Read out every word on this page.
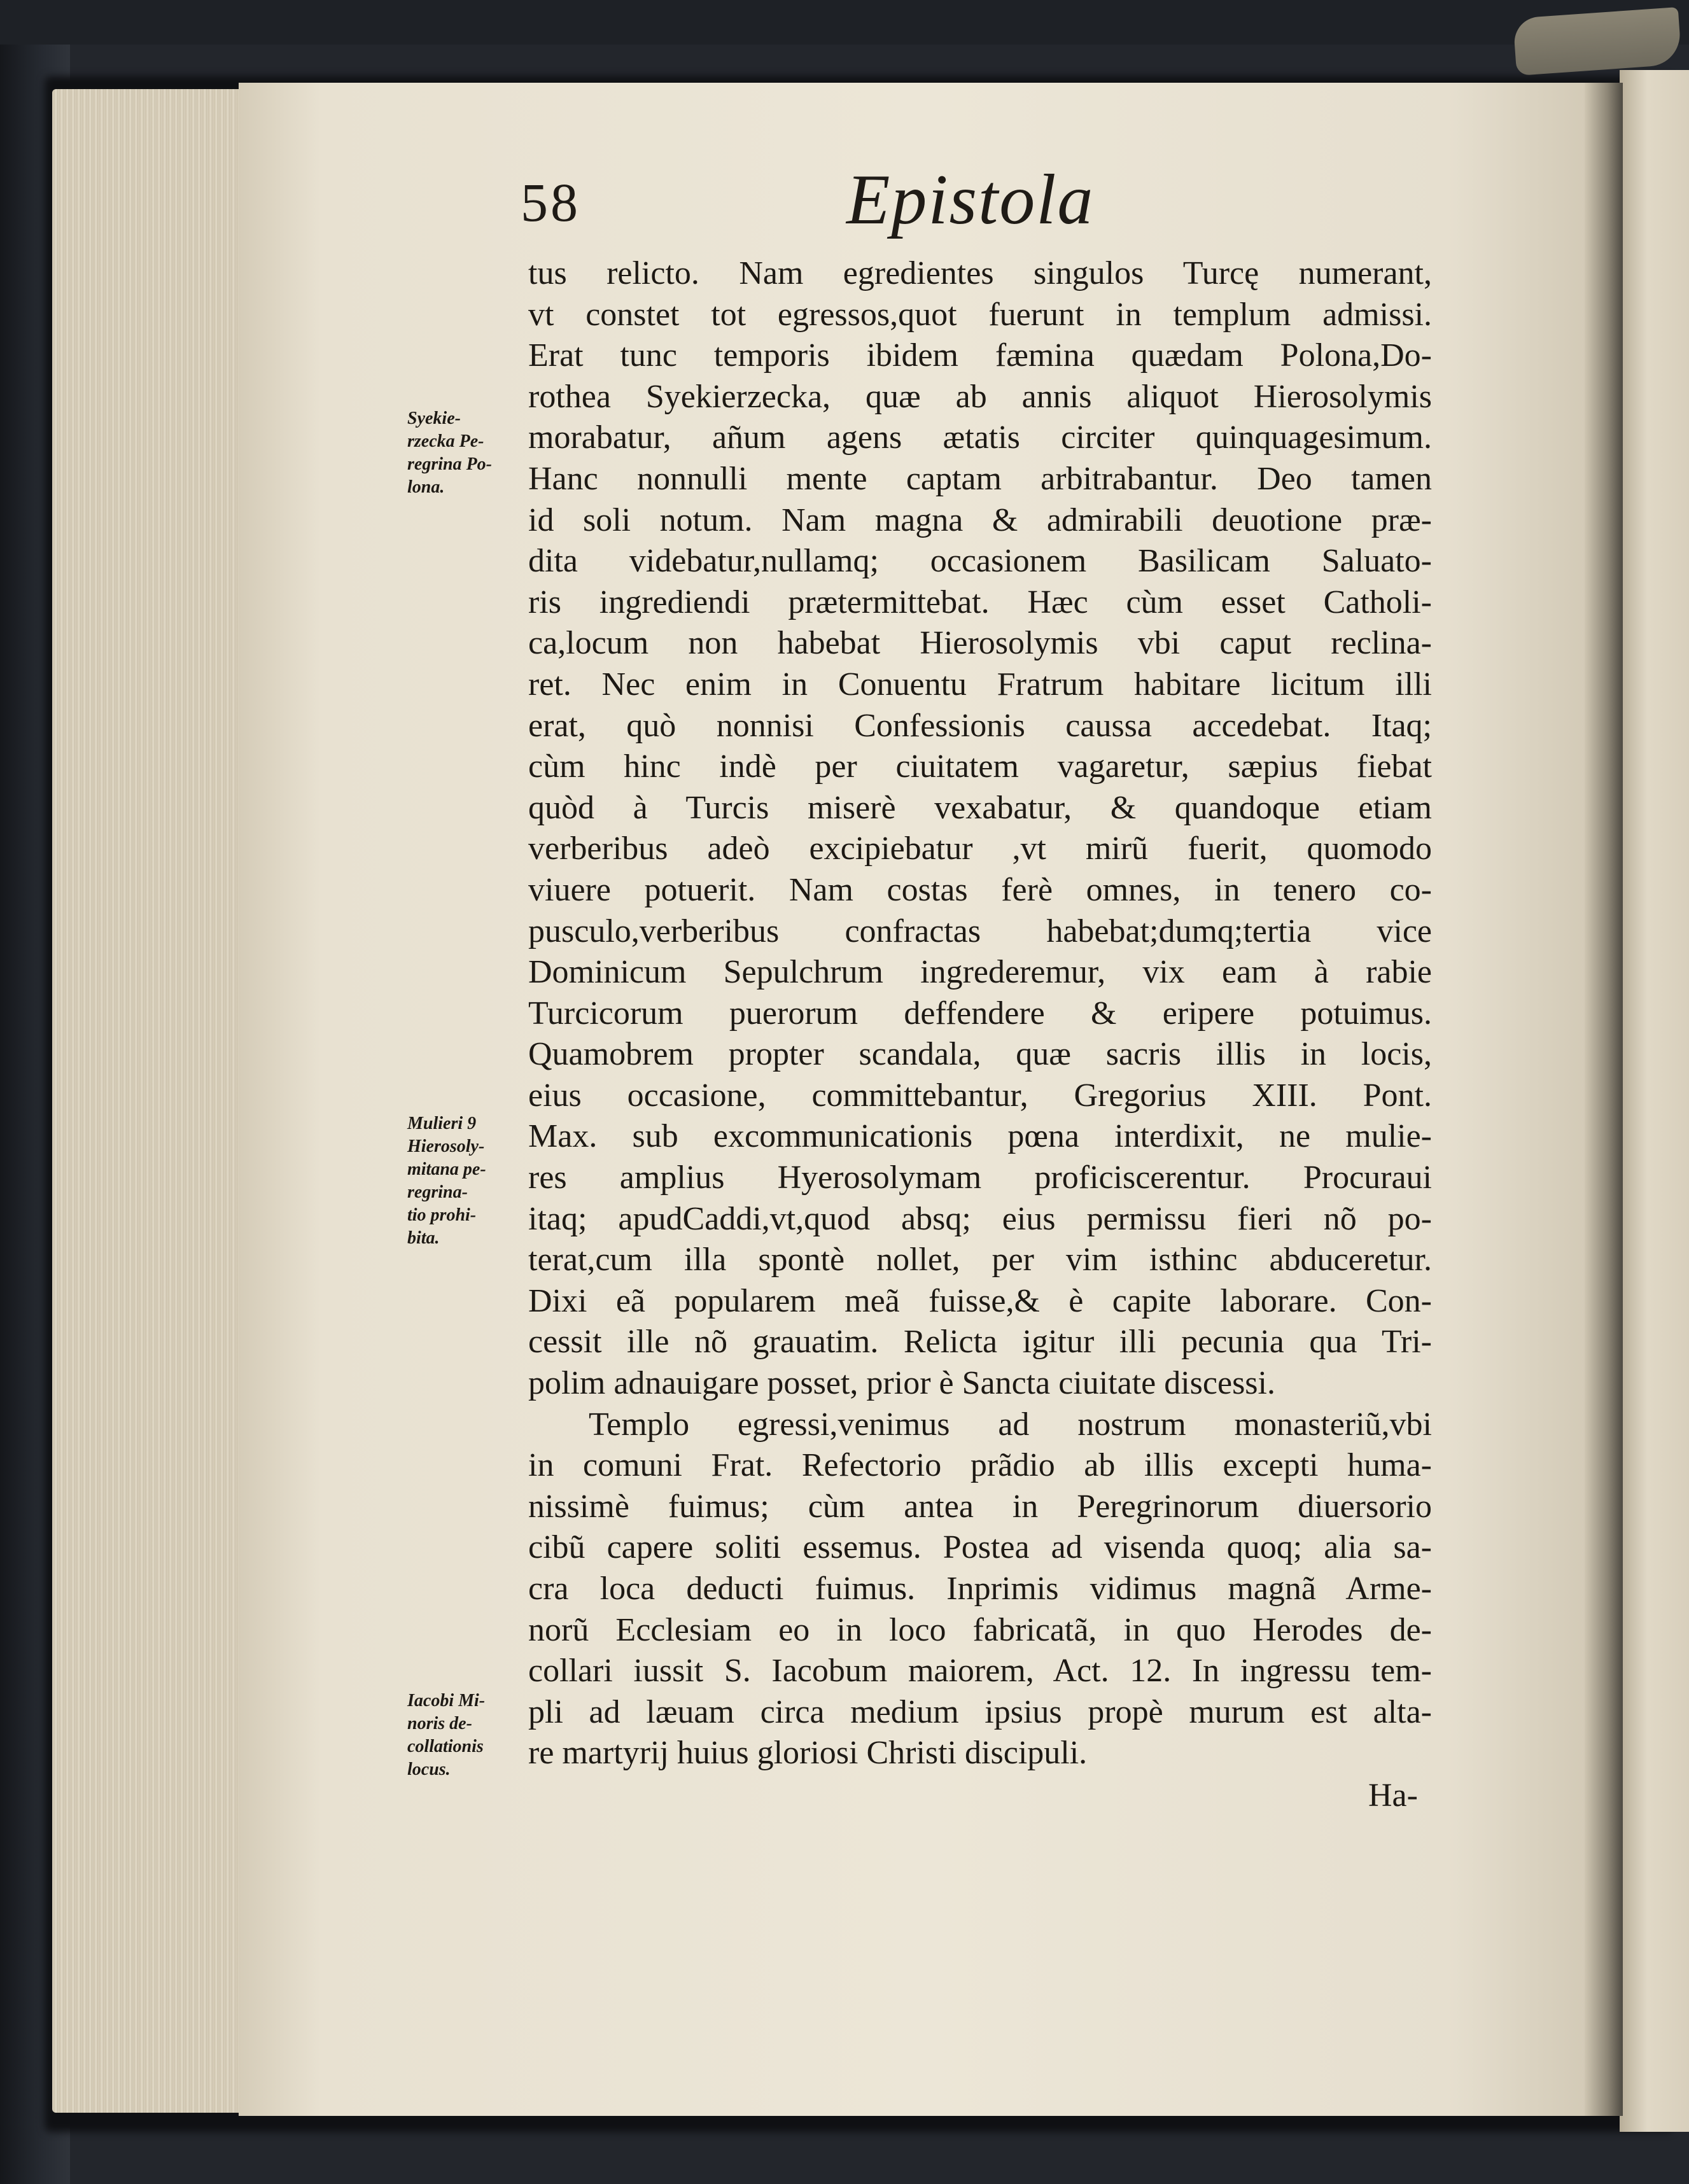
58	Epistola
tus relicto. Nam egredientes singulos Turcę numerant,
vt constet tot egressos,quot fuerunt in templum admissi.
Erat tunc temporis ibidem fæmina quædam Polona,Do-
rothea Syekierzecka, quæ ab annis aliquot Hierosolymis
morabatur, añum agens ætatis circiter quinquagesimum.
Hanc nonnulli mente captam arbitrabantur. Deo tamen
id soli notum. Nam magna & admirabili deuotione præ-
dita videbatur,nullamq; occasionem Basilicam Saluato-
ris ingrediendi prætermittebat. Hæc cùm esset Catholi-
ca,locum non habebat Hierosolymis vbi caput reclina-
ret. Nec enim in Conuentu Fratrum habitare licitum illi
erat, quò nonnisi Confessionis caussa accedebat. Itaq;
cùm hinc indè per ciuitatem vagaretur, sæpius fiebat
quòd à Turcis miserè vexabatur, & quandoque etiam
verberibus adeò excipiebatur ,vt mirũ fuerit, quomodo
viuere potuerit. Nam costas ferè omnes, in tenero co-
pusculo,verberibus confractas habebat;dumq;tertia vice
Dominicum Sepulchrum ingrederemur, vix eam à rabie
Turcicorum puerorum deffendere & eripere potuimus.
Quamobrem propter scandala, quæ sacris illis in locis,
eius occasione, committebantur, Gregorius XIII. Pont.
Max. sub excommunicationis pœna interdixit, ne mulie-
res amplius Hyerosolymam proficiscerentur. Procuraui
itaq; apudCaddi,vt,quod absq; eius permissu fieri nõ po-
terat,cum illa spontè nollet, per vim isthinc abduceretur.
Dixi eã popularem meã fuisse,& è capite laborare. Con-
cessit ille nõ grauatim. Relicta igitur illi pecunia qua Tri-
polim adnauigare posset, prior è Sancta ciuitate discessi.
Templo egressi,venimus ad nostrum monasteriũ,vbi
in comuni Frat. Refectorio prãdio ab illis excepti huma-
nissimè fuimus; cùm antea in Peregrinorum diuersorio
cibũ capere soliti essemus. Postea ad visenda quoq; alia sa-
cra loca deducti fuimus. Inprimis vidimus magnã Arme-
norũ Ecclesiam eo in loco fabricatã, in quo Herodes de-
collari iussit S. Iacobum maiorem, Act. 12. In ingressu tem-
pli ad læuam circa medium ipsius propè murum est alta-
re martyrij huius gloriosi Christi discipuli.
Ha-
Syekie-
rzecka Pe-
regrina Po-
lona.
Mulieri 9
Hierosoly-
mitana pe-
regrina-
tio prohi-
bita.
Iacobi Mi-
noris de-
collationis
locus.
